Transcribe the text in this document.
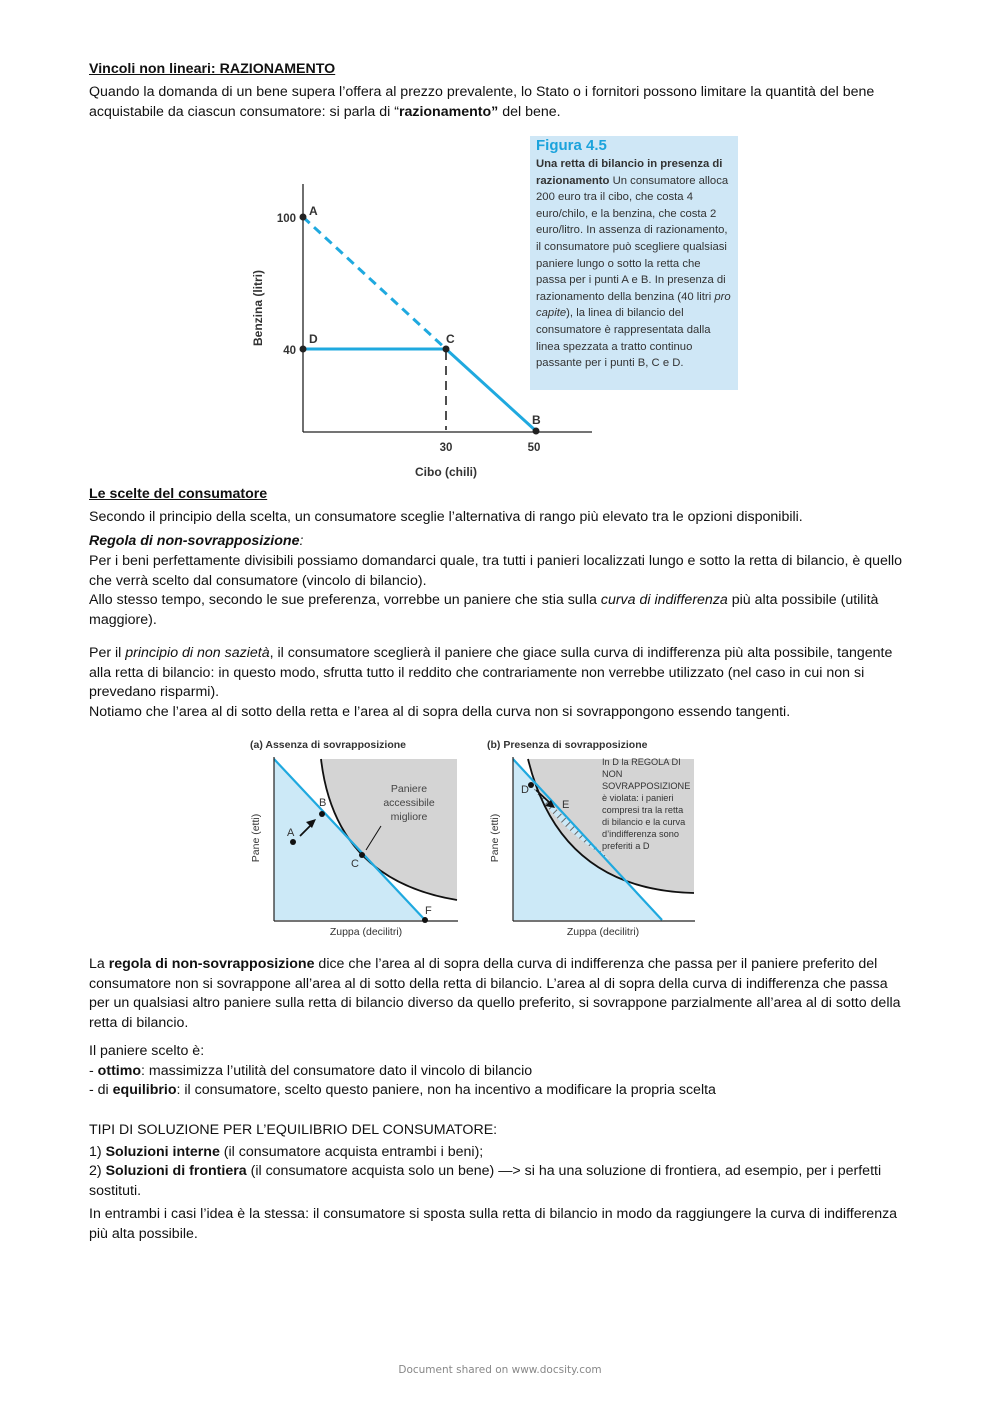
Vincoli non lineari: RAZIONAMENTO
Quando la domanda di un bene supera l’offera al prezzo prevalente, lo Stato o i fornitori possono limitare la quantità del bene acquistabile da ciascun consumatore: si parla di “razionamento” del bene.
100
40
30	50
A
D	C
B
Cibo (chili)
Benzina (litri)
Figura 4.5
Una retta di bilancio in presenza di razionamento Un consumatore alloca 200 euro tra il cibo, che costa 4 euro/chilo, e la benzina, che costa 2 euro/litro. In assenza di razionamento, il consumatore può scegliere qualsiasi paniere lungo o sotto la retta che passa per i punti A e B. In presenza di razionamento della benzina (40 litri pro capite), la linea di bilancio del consumatore è rappresentata dalla linea spezzata a tratto continuo passante per i punti B, C e D.
Le scelte del consumatore
Secondo il principio della scelta, un consumatore sceglie l’alternativa di rango più elevato tra le opzioni disponibili.
Regola di non-sovrapposizione:
Per i beni perfettamente divisibili possiamo domandarci quale, tra tutti i panieri localizzati lungo e sotto la retta di bilancio, è quello che verrà scelto dal consumatore (vincolo di bilancio).
Allo stesso tempo, secondo le sue preferenza, vorrebbe un paniere che stia sulla curva di indifferenza più alta possibile (utilità maggiore).
Per il principio di non sazietà, il consumatore sceglierà il paniere che giace sulla curva di indifferenza più alta possibile, tangente alla retta di bilancio: in questo modo, sfrutta tutto il reddito che contrariamente non verrebbe utilizzato (nel caso in cui non si prevedano risparmi).
Notiamo che l’area al di sotto della retta e l’area al di sopra della curva non si sovrappongono essendo tangenti.
(a) Assenza di sovrapposizione
A
B
C
F
Paniere
accessibile
migliore
Pane (etti)
Zuppa (decilitri)
(b) Presenza di sovrapposizione
D
E
In D la REGOLA DI
NON
SOVRAPPOSIZIONE
è violata: i panieri
compresi tra la retta
di bilancio e la curva
d’indifferenza sono
preferiti a D
Pane (etti)
Zuppa (decilitri)
La regola di non-sovrapposizione dice che l’area al di sopra della curva di indifferenza che passa per il paniere preferito del consumatore non si sovrappone all’area al di sotto della retta di bilancio. L’area al di sopra della curva di indifferenza che passa per un qualsiasi altro paniere sulla retta di bilancio diverso da quello preferito, si sovrappone parzialmente all’area al di sotto della retta di bilancio.
Il paniere scelto è:
- ottimo: massimizza l’utilità del consumatore dato il vincolo di bilancio
- di equilibrio: il consumatore, scelto questo paniere, non ha incentivo a modificare la propria scelta
TIPI DI SOLUZIONE PER L’EQUILIBRIO DEL CONSUMATORE:
1) Soluzioni interne (il consumatore acquista entrambi i beni);
2) Soluzioni di frontiera (il consumatore acquista solo un bene) —> si ha una soluzione di frontiera, ad esempio, per i perfetti sostituti.
In entrambi i casi l’idea è la stessa: il consumatore si sposta sulla retta di bilancio in modo da raggiungere la curva di indifferenza più alta possibile.
Document shared on www.docsity.com
